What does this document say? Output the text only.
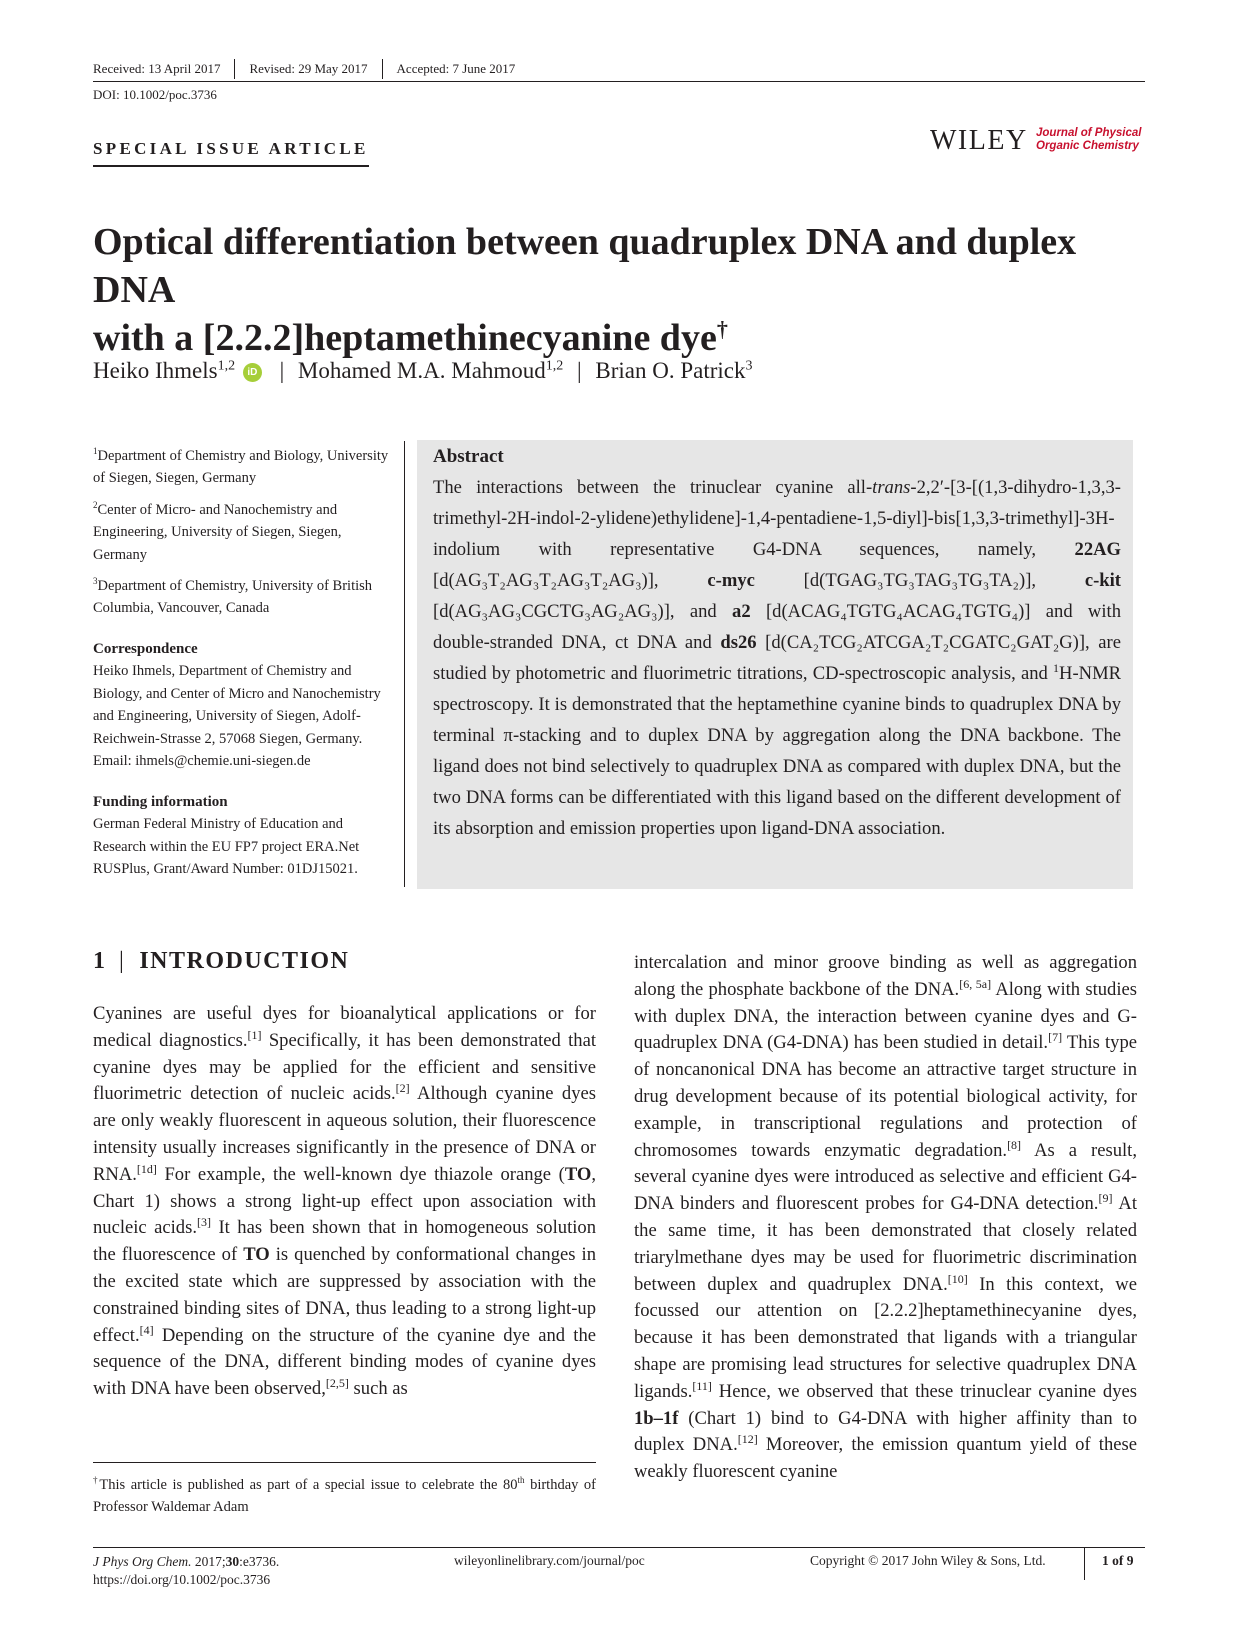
Received: 13 April 2017	Revised: 29 May 2017	Accepted: 7 June 2017
DOI: 10.1002/poc.3736
SPECIAL ISSUE ARTICLE	WILEY Journal of Physical
Organic Chemistry
Optical differentiation between quadruplex DNA and duplex DNA
with a [2.2.2]heptamethinecyanine dye†
Heiko Ihmels$^{1,2}$ iD | Mohamed M.A. Mahmoud$^{1,2}$ | Brian O. Patrick$^3$
$^1$Department of Chemistry and Biology, University of Siegen, Siegen, Germany
$^2$Center of Micro- and Nanochemistry and Engineering, University of Siegen, Siegen, Germany
$^3$Department of Chemistry, University of British Columbia, Vancouver, Canada
Correspondence
Heiko Ihmels, Department of Chemistry and Biology, and Center of Micro and Nanochemistry and Engineering, University of Siegen, Adolf-Reichwein-Strasse 2, 57068 Siegen, Germany.
Email: ihmels@chemie.uni-siegen.de
Funding information
German Federal Ministry of Education and Research within the EU FP7 project ERA.Net RUSPlus, Grant/Award Number: 01DJ15021.
Abstract

The interactions between the trinuclear cyanine all-trans-2,2′-[3-[(1,3-dihydro-1,3,3-trimethyl-2H-indol-2-ylidene)ethylidene]-1,4-pentadiene-1,5-diyl]-bis[1,3,3-trimethyl]-3H-indolium with representative G4-DNA sequences, namely, 22AG [d(AG₃T₂AG₃T₂AG₃T₂AG₃)], c-myc [d(TGAG₃TG₃TAG₃TG₃TA₂)], c-kit [d(AG₃AG₃CGCTG₃AG₂AG₃)], and a2 [d(ACAG₄TGTG₄ACAG₄TGTG₄)] and with double-stranded DNA, ct DNA and ds26 [d(CA₂TCG₂ATCGA₂T₂CGATC₂GAT₂G)], are studied by photometric and fluorimetric titrations, CD-spectroscopic analysis, and $^1$H-NMR spectroscopy. It is demonstrated that the heptamethine cyanine binds to quadruplex DNA by terminal π-stacking and to duplex DNA by aggregation along the DNA backbone. The ligand does not bind selectively to quadruplex DNA as compared with duplex DNA, but the two DNA forms can be differentiated with this ligand based on the different development of its absorption and emission properties upon ligand-DNA association.

1 | INTRODUCTION

Cyanines are useful dyes for bioanalytical applications or for medical diagnostics.[1] Specifically, it has been demonstrated that cyanine dyes may be applied for the efficient and sensitive fluorimetric detection of nucleic acids.[2] Although cyanine dyes are only weakly fluorescent in aqueous solution, their fluorescence intensity usually increases significantly in the presence of DNA or RNA.[1d] For example, the well-known dye thiazole orange (TO, Chart 1) shows a strong light-up effect upon association with nucleic acids.[3] It has been shown that in homogeneous solution the fluorescence of TO is quenched by conformational changes in the excited state which are suppressed by association with the constrained binding sites of DNA, thus leading to a strong light-up effect.[4] Depending on the structure of the cyanine dye and the sequence of the DNA, different binding modes of cyanine dyes with DNA have been observed,[2,5] such as

intercalation and minor groove binding as well as aggregation along the phosphate backbone of the DNA.[6, 5a] Along with studies with duplex DNA, the interaction between cyanine dyes and G-quadruplex DNA (G4-DNA) has been studied in detail.[7] This type of noncanonical DNA has become an attractive target structure in drug development because of its potential biological activity, for example, in transcriptional regulations and protection of chromosomes towards enzymatic degradation.[8] As a result, several cyanine dyes were introduced as selective and efficient G4-DNA binders and fluorescent probes for G4-DNA detection.[9] At the same time, it has been demonstrated that closely related triarylmethane dyes may be used for fluorimetric discrimination between duplex and quadruplex DNA.[10] In this context, we focussed our attention on [2.2.2]heptamethinecyanine dyes, because it has been demonstrated that ligands with a triangular shape are promising lead structures for selective quadruplex DNA ligands.[11] Hence, we observed that these trinuclear cyanine dyes 1b–1f (Chart 1) bind to G4-DNA with higher affinity than to duplex DNA.[12] Moreover, the emission quantum yield of these weakly fluorescent cyanine

†This article is published as part of a special issue to celebrate the 80th birthday of Professor Waldemar Adam
J Phys Org Chem. 2017;30:e3736.
https://doi.org/10.1002/poc.3736
wileyonlinelibrary.com/journal/poc	Copyright © 2017 John Wiley & Sons, Ltd.	1 of 9
